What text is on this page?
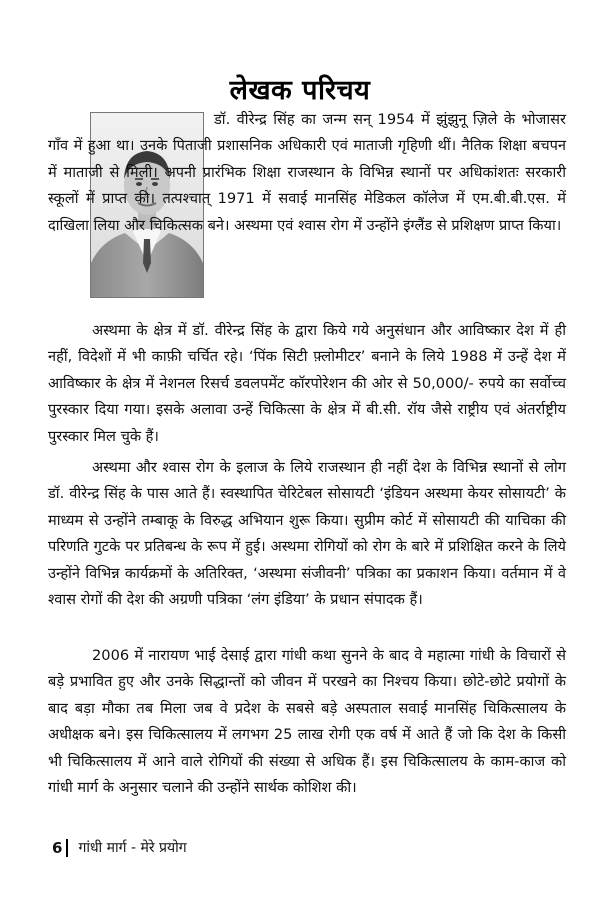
लेखक परिचय

डॉ. वीरेन्द्र सिंह का जन्म सन् 1954 में झुंझुनू ज़िले के भोजासर गाँव में हुआ था। उनके पिताजी प्रशासनिक अधिकारी एवं माताजी गृहिणी थीं। नैतिक शिक्षा बचपन में माताजी से मिली। अपनी प्रारंभिक शिक्षा राजस्थान के विभिन्न स्थानों पर अधिकांशतः सरकारी स्कूलों में प्राप्त की। तत्पश्चात् 1971 में सवाई मानसिंह मेडिकल कॉलेज में एम.बी.बी.एस. में दाखिला लिया और चिकित्सक बने। अस्थमा एवं श्वास रोग में उन्होंने इंग्लैंड से प्रशिक्षण प्राप्त किया।

अस्थमा के क्षेत्र में डॉ. वीरेन्द्र सिंह के द्वारा किये गये अनुसंधान और आविष्कार देश में ही नहीं, विदेशों में भी काफ़ी चर्चित रहे। ‘पिंक सिटी फ़्लोमीटर’ बनाने के लिये 1988 में उन्हें देश में आविष्कार के क्षेत्र में नेशनल रिसर्च डवलपमेंट कॉरपोरेशन की ओर से 50,000/- रुपये का सर्वोच्च पुरस्कार दिया गया। इसके अलावा उन्हें चिकित्सा के क्षेत्र में बी.सी. रॉय जैसे राष्ट्रीय एवं अंतर्राष्ट्रीय पुरस्कार मिल चुके हैं।

अस्थमा और श्वास रोग के इलाज के लिये राजस्थान ही नहीं देश के विभिन्न स्थानों से लोग डॉ. वीरेन्द्र सिंह के पास आते हैं। स्वस्थापित चेरिटेबल सोसायटी ‘इंडियन अस्थमा केयर सोसायटी’ के माध्यम से उन्होंने तम्बाकू के विरुद्ध अभियान शुरू किया। सुप्रीम कोर्ट में सोसायटी की याचिका की परिणति गुटके पर प्रतिबन्ध के रूप में हुई। अस्थमा रोगियों को रोग के बारे में प्रशिक्षित करने के लिये उन्होंने विभिन्न कार्यक्रमों के अतिरिक्त, ‘अस्थमा संजीवनी’ पत्रिका का प्रकाशन किया। वर्तमान में वे श्वास रोगों की देश की अग्रणी पत्रिका ‘लंग इंडिया’ के प्रधान संपादक हैं।

2006 में नारायण भाई देसाई द्वारा गांधी कथा सुनने के बाद वे महात्मा गांधी के विचारों से बड़े प्रभावित हुए और उनके सिद्धान्तों को जीवन में परखने का निश्चय किया। छोटे-छोटे प्रयोगों के बाद बड़ा मौका तब मिला जब वे प्रदेश के सबसे बड़े अस्पताल सवाई मानसिंह चिकित्सालय के अधीक्षक बने। इस चिकित्सालय में लगभग 25 लाख रोगी एक वर्ष में आते हैं जो कि देश के किसी भी चिकित्सालय में आने वाले रोगियों की संख्या से अधिक हैं। इस चिकित्सालय के काम-काज को गांधी मार्ग के अनुसार चलाने की उन्होंने सार्थक कोशिश की।

6	गांधी मार्ग - मेरे प्रयोग
